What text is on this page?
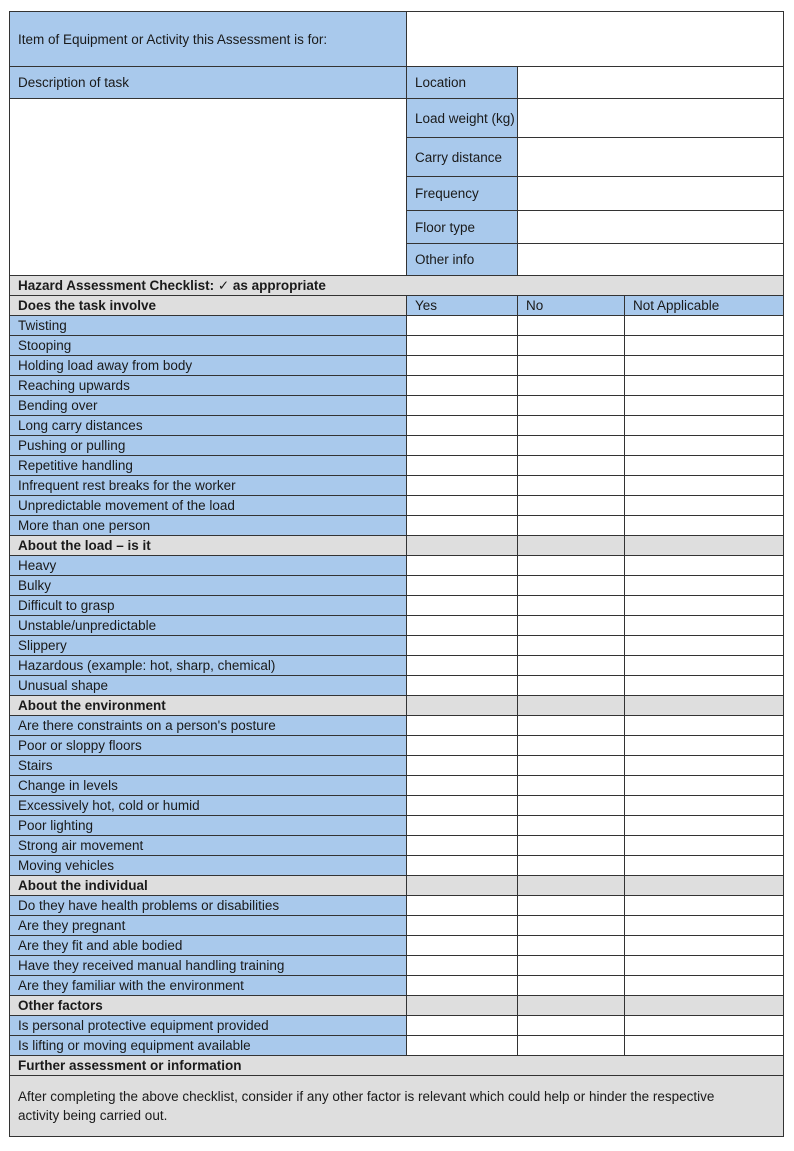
Item of Equipment or Activity this Assessment is for:			
Description of task	Location		
	Load weight (kg)		
	Carry distance		
	Frequency		
	Floor type		
	Other info		
Hazard Assessment Checklist: ✓ as appropriate			
Does the task involve	Yes	No	Not Applicable
Twisting			
Stooping			
Holding load away from body			
Reaching upwards			
Bending over			
Long carry distances			
Pushing or pulling			
Repetitive handling			
Infrequent rest breaks for the worker			
Unpredictable movement of the load			
More than one person			
About the load – is it			
Heavy			
Bulky			
Difficult to grasp			
Unstable/unpredictable			
Slippery			
Hazardous (example: hot, sharp, chemical)			
Unusual shape			
About the environment			
Are there constraints on a person's posture			
Poor or sloppy floors			
Stairs			
Change in levels			
Excessively hot, cold or humid			
Poor lighting			
Strong air movement			
Moving vehicles			
About the individual			
Do they have health problems or disabilities			
Are they pregnant			
Are they fit and able bodied			
Have they received manual handling training			
Are they familiar with the environment			
Other factors			
Is personal protective equipment provided			
Is lifting or moving equipment available			
Further assessment or information			
After completing the above checklist, consider if any other factor is relevant which could help or hinder the respective activity being carried out.			
